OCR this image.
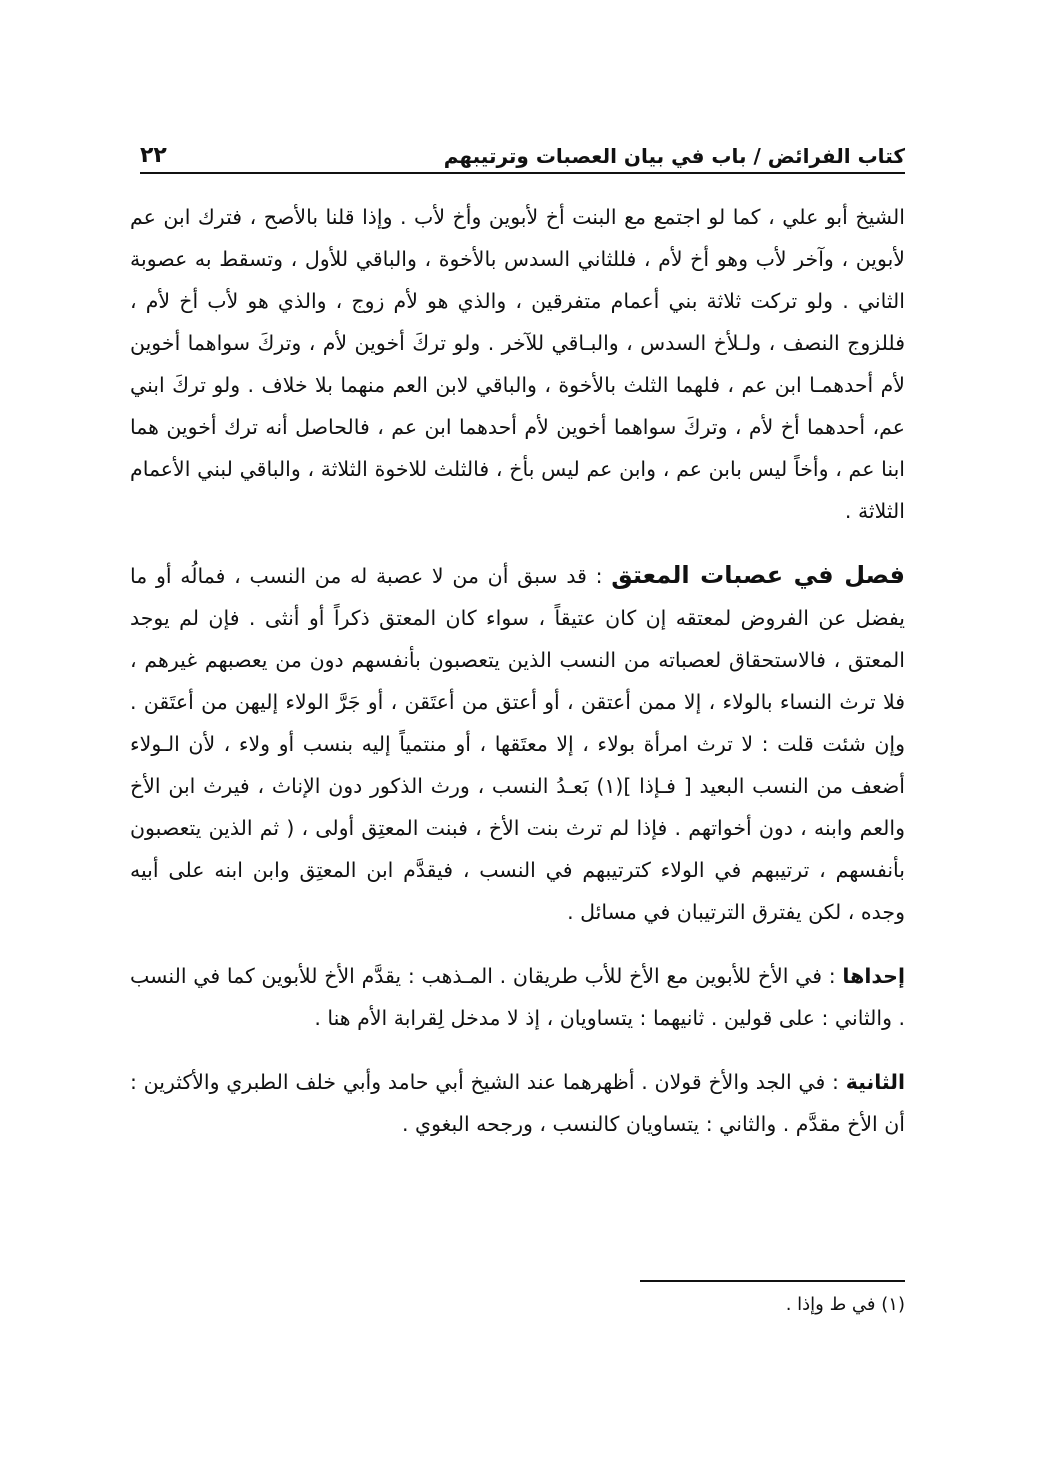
كتاب الفرائض / باب في بيان العصبات وترتيبهم
٢٢

الشيخ أبو علي ، كما لو اجتمع مع البنت أخ لأبوين وأخ لأب . وإذا قلنا بالأصح ، فترك ابن عم لأبوين ، وآخر لأب وهو أخ لأم ، فللثاني السدس بالأخوة ، والباقي للأول ، وتسقط به عصوبة الثاني . ولو تركت ثلاثة بني أعمام متفرقين ، والذي هو لأم زوج ، والذي هو لأب أخ لأم ، فللزوج النصف ، ولـلأخ السدس ، والبـاقي للآخر . ولو تركَ أخوين لأم ، وتركَ سواهما أخوين لأم أحدهمـا ابن عم ، فلهما الثلث بالأخوة ، والباقي لابن العم منهما بلا خلاف . ولو تركَ ابني عم، أحدهما أخ لأم ، وتركَ سواهما أخوين لأم أحدهما ابن عم ، فالحاصل أنه ترك أخوين هما ابنا عم ، وأخاً ليس بابن عم ، وابن عم ليس بأخ ، فالثلث للاخوة الثلاثة ، والباقي لبني الأعمام الثلاثة .

فصل في عصبات المعتق : قد سبق أن من لا عصبة له من النسب ، فمالُه أو ما يفضل عن الفروض لمعتقه إن كان عتيقاً ، سواء كان المعتق ذكراً أو أنثى . فإن لم يوجد المعتق ، فالاستحقاق لعصباته من النسب الذين يتعصبون بأنفسهم دون من يعصبهم غيرهم ، فلا ترث النساء بالولاء ، إلا ممن أعتقن ، أو أعتق من أعتَقن ، أو جَرَّ الولاء إليهن من أعتَقن . وإن شئت قلت : لا ترث امرأة بولاء ، إلا معتَقها ، أو منتمياً إليه بنسب أو ولاء ، لأن الـولاء أضعف من النسب البعيد [ فـإذا ](١) بَعـدُ النسب ، ورث الذكور دون الإناث ، فيرث ابن الأخ والعم وابنه ، دون أخواتهم . فإذا لم ترث بنت الأخ ، فبنت المعتِق أولى ، ( ثم الذين يتعصبون بأنفسهم ، ترتيبهم في الولاء كترتيبهم في النسب ، فيقدَّم ابن المعتِق وابن ابنه على أبيه وجده ، لكن يفترق الترتيبان في مسائل .

إحداها : في الأخ للأبوين مع الأخ للأب طريقان . المـذهب : يقدَّم الأخ للأبوين كما في النسب . والثاني : على قولين . ثانيهما : يتساويان ، إذ لا مدخل لِقرابة الأم هنا .

الثانية : في الجد والأخ قولان . أظهرهما عند الشيخ أبي حامد وأبي خلف الطبري والأكثرين : أن الأخ مقدَّم . والثاني : يتساويان كالنسب ، ورجحه البغوي .

(١) في ط وإذا .
